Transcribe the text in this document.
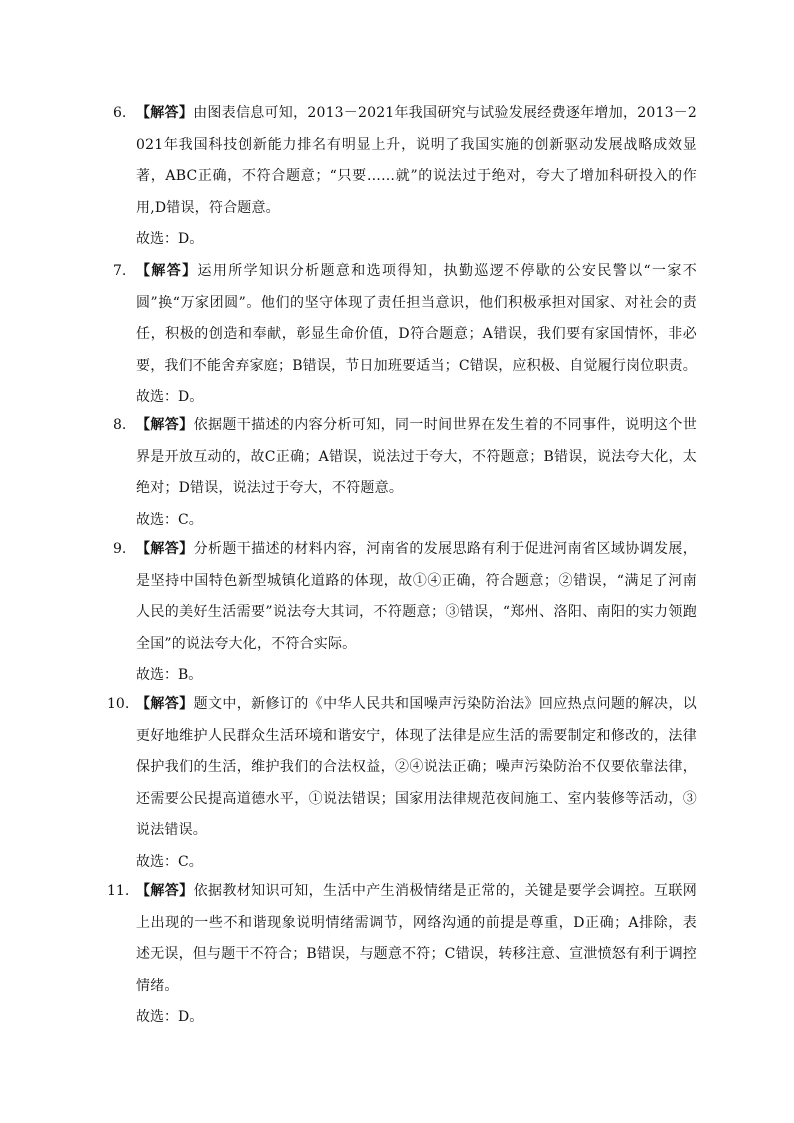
6. 【解答】由图表信息可知，2013－2021年我国研究与试验发展经费逐年增加，2013－2021年我国科技创新能力排名有明显上升，说明了我国实施的创新驱动发展战略成效显著，ABC正确，不符合题意；“只要……就”的说法过于绝对，夸大了增加科研投入的作用,D错误，符合题意。
故选：D。
7. 【解答】运用所学知识分析题意和选项得知，执勤巡逻不停歇的公安民警以“一家不圆”换“万家团圆”。他们的坚守体现了责任担当意识，他们积极承担对国家、对社会的责任，积极的创造和奉献，彰显生命价值，D符合题意；A错误，我们要有家国情怀，非必要，我们不能舍弃家庭；B错误，节日加班要适当；C错误，应积极、自觉履行岗位职责。
故选：D。
8. 【解答】依据题干描述的内容分析可知，同一时间世界在发生着的不同事件，说明这个世界是开放互动的，故C正确；A错误，说法过于夸大，不符题意；B错误，说法夸大化，太绝对；D错误，说法过于夸大，不符题意。
故选：C。
9. 【解答】分析题干描述的材料内容，河南省的发展思路有利于促进河南省区域协调发展，是坚持中国特色新型城镇化道路的体现，故①④正确，符合题意；②错误，“满足了河南人民的美好生活需要”说法夸大其词，不符题意；③错误，“郑州、洛阳、南阳的实力领跑全国”的说法夸大化，不符合实际。
故选：B。
10. 【解答】题文中，新修订的《中华人民共和国噪声污染防治法》回应热点问题的解决，以更好地维护人民群众生活环境和谐安宁，体现了法律是应生活的需要制定和修改的，法律保护我们的生活，维护我们的合法权益，②④说法正确；噪声污染防治不仅要依靠法律，还需要公民提高道德水平，①说法错误；国家用法律规范夜间施工、室内装修等活动，③说法错误。
故选：C。
11. 【解答】依据教材知识可知，生活中产生消极情绪是正常的，关键是要学会调控。互联网上出现的一些不和谐现象说明情绪需调节，网络沟通的前提是尊重，D正确；A排除，表述无误，但与题干不符合；B错误，与题意不符；C错误，转移注意、宣泄愤怒有利于调控情绪。
故选：D。
